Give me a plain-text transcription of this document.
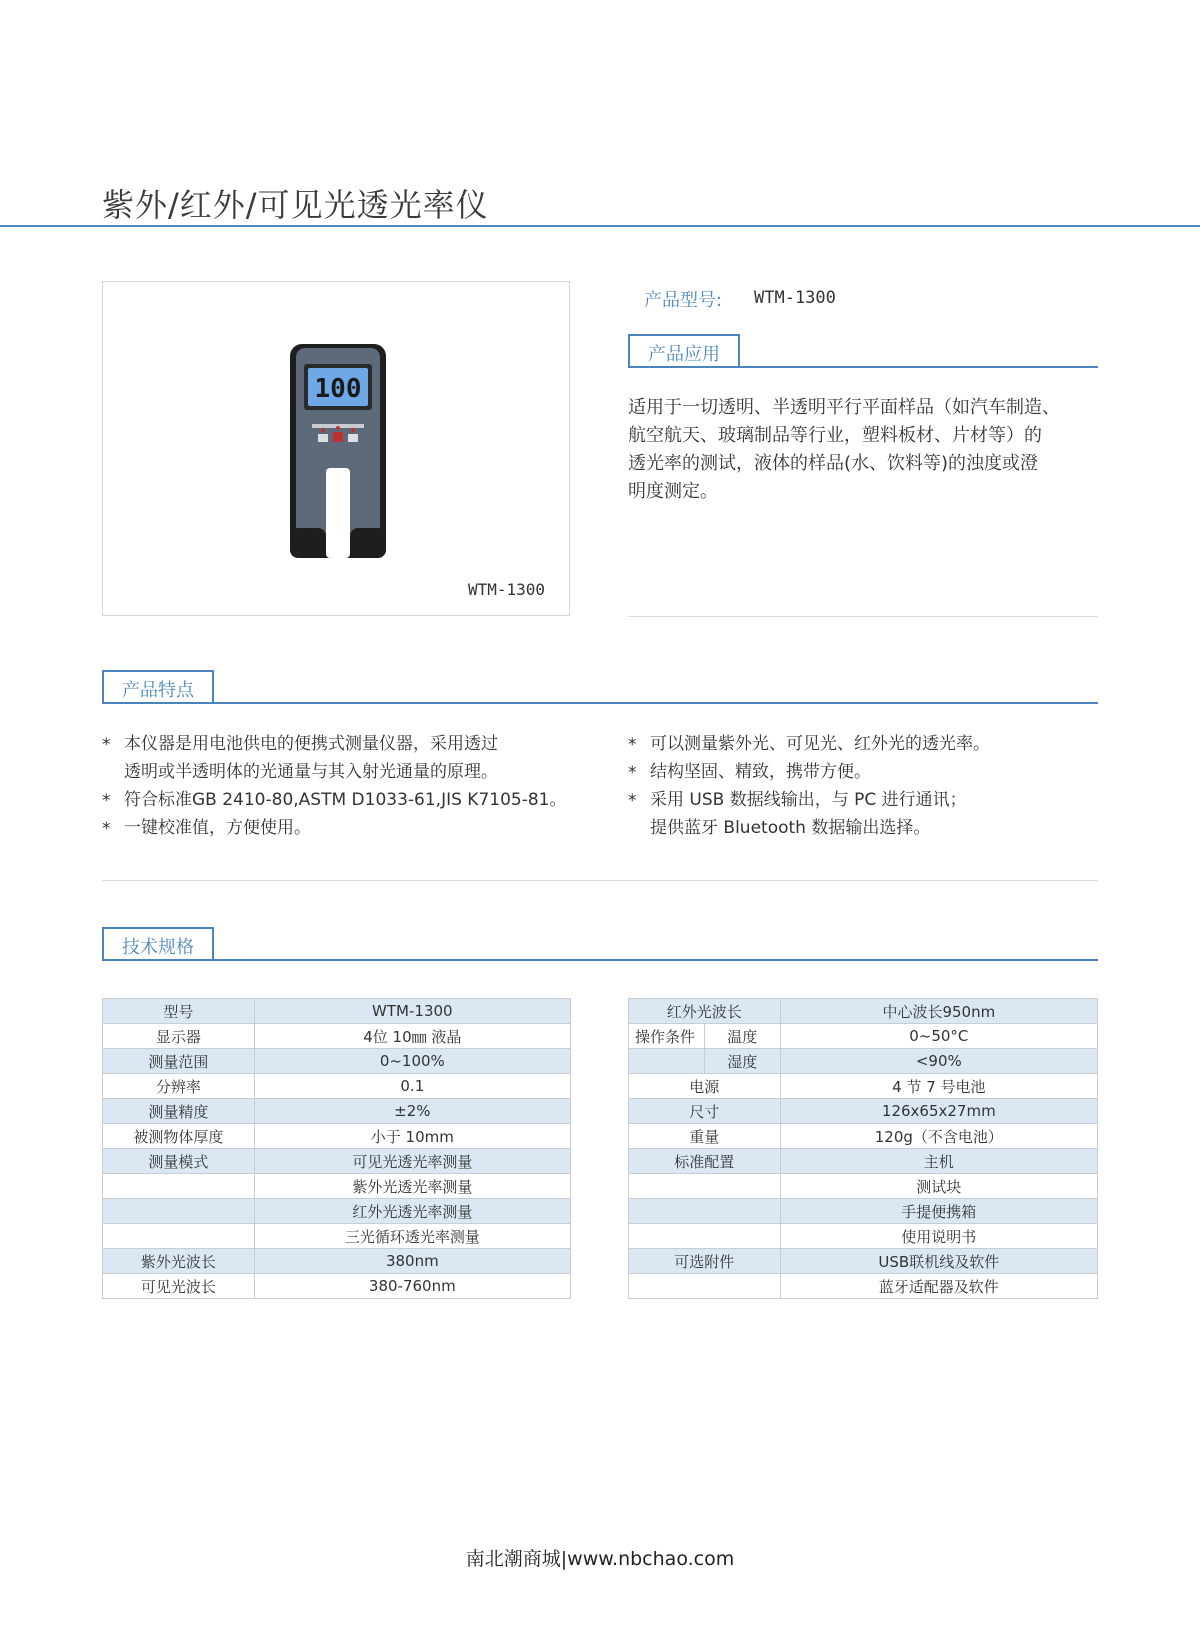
紫外/红外/可见光透光率仪
100
WTM-1300
产品型号: WTM-1300
产品应用
适用于一切透明、半透明平行平面样品（如汽车制造、
航空航天、玻璃制品等行业，塑料板材、片材等）的
透光率的测试，液体的样品(水、饮料等)的浊度或澄
明度测定。
产品特点
* 本仪器是用电池供电的便携式测量仪器，采用透过
透明或半透明体的光通量与其入射光通量的原理。
* 符合标准GB 2410-80,ASTM D1033-61,JIS K7105-81。
* 一键校准值，方便使用。
* 可以测量紫外光、可见光、红外光的透光率。
* 结构坚固、精致，携带方便。
* 采用 USB 数据线输出，与 PC 进行通讯；
提供蓝牙 Bluetooth 数据输出选择。
技术规格
型号	WTM-1300
显示器	4位 10㎜ 液晶
测量范围	0~100%
分辨率	0.1
测量精度	±2%
被测物体厚度	小于 10mm
测量模式	可见光透光率测量
	紫外光透光率测量
	红外光透光率测量
	三光循环透光率测量
紫外光波长	380nm
可见光波长	380-760nm
红外光波长		中心波长950nm
操作条件	温度	0~50°C
	湿度	<90%
电源		4 节 7 号电池
尺寸		126x65x27mm
重量		120g（不含电池）
标准配置		主机
		测试块
		手提便携箱
		使用说明书
可选附件		USB联机线及软件
		蓝牙适配器及软件
南北潮商城|www.nbchao.com
